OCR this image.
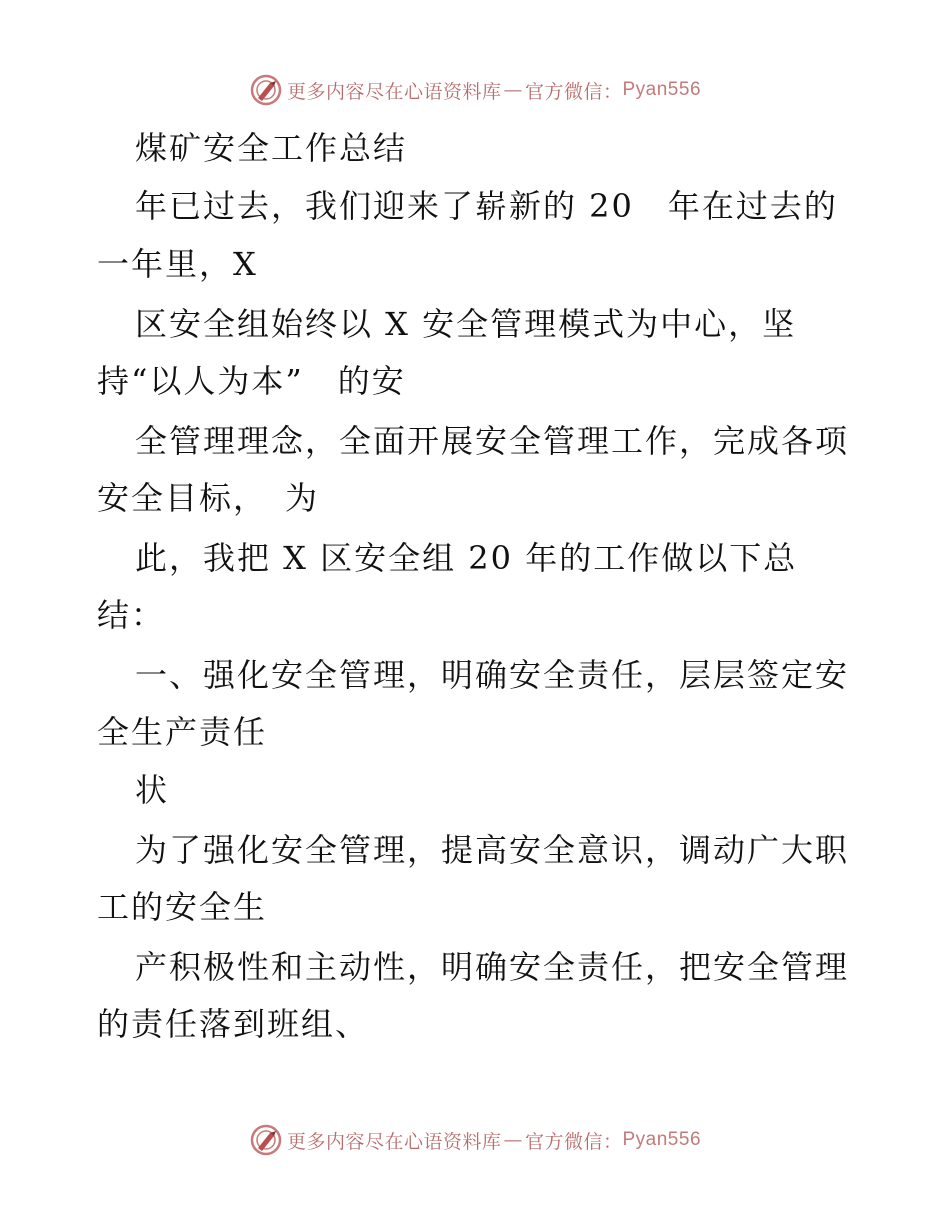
更多内容尽在心语资料库 — 官方微信： Pyan556
煤矿安全工作总结
年已过去，我们迎来了崭新的 20　年在过去的
一年里，X
区安全组始终以 X 安全管理模式为中心，坚
持“以人为本”　的安
全管理理念，全面开展安全管理工作，完成各项
安全目标，　为
此，我把 X 区安全组 20 年的工作做以下总
结：
一、强化安全管理，明确安全责任，层层签定安
全生产责任
状
为了强化安全管理，提高安全意识，调动广大职
工的安全生
产积极性和主动性，明确安全责任，把安全管理
的责任落到班组、
更多内容尽在心语资料库 — 官方微信： Pyan556
